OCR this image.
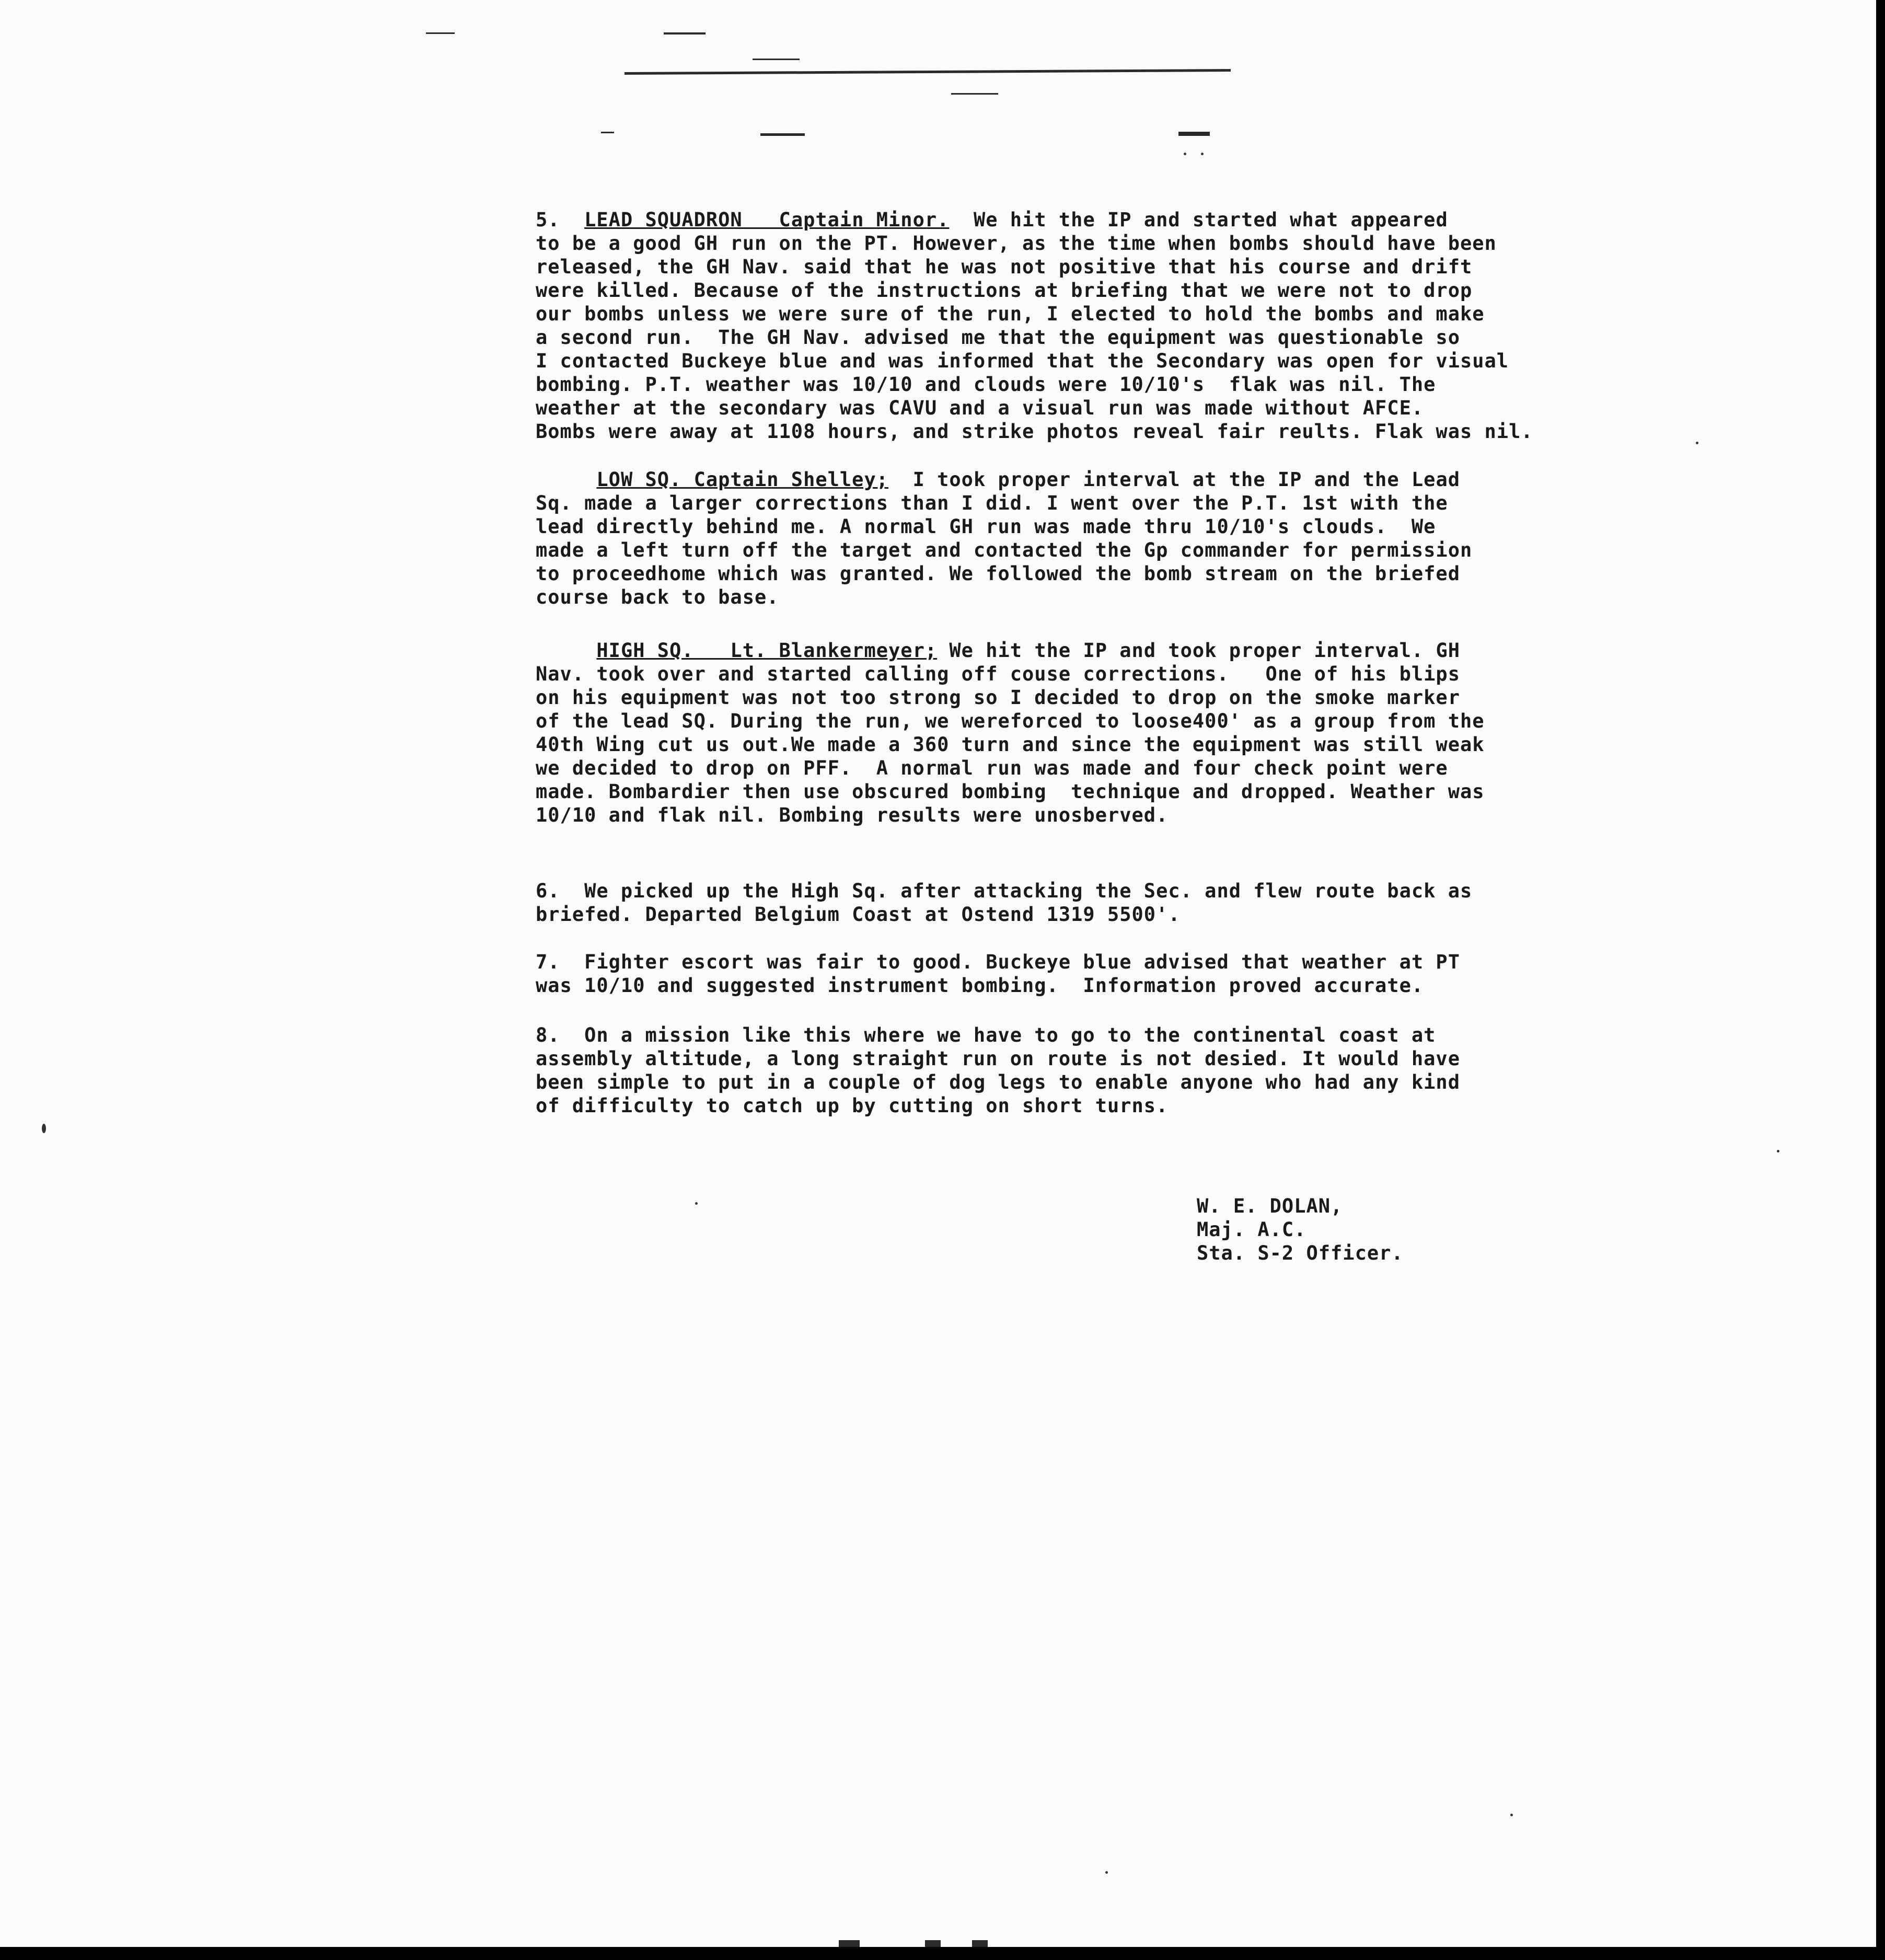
5. LEAD SQUADRON   Captain Minor. We hit the IP and started what appeared
to be a good GH run on the PT. However, as the time when bombs should have been
released, the GH Nav. said that he was not positive that his course and drift
were killed. Because of the instructions at briefing that we were not to drop
our bombs unless we were sure of the run, I elected to hold the bombs and make
a second run.  The GH Nav. advised me that the equipment was questionable so
I contacted Buckeye blue and was informed that the Secondary was open for visual
bombing. P.T. weather was 10/10 and clouds were 10/10's  flak was nil. The
weather at the secondary was CAVU and a visual run was made without AFCE.
Bombs were away at 1108 hours, and strike photos reveal fair reults. Flak was nil.
LOW SQ. Captain Shelley; I took proper interval at the IP and the Lead
Sq. made a larger corrections than I did. I went over the P.T. 1st with the
lead directly behind me. A normal GH run was made thru 10/10's clouds.  We
made a left turn off the target and contacted the Gp commander for permission
to proceedhome which was granted. We followed the bomb stream on the briefed
course back to base.
HIGH SQ.   Lt. Blankermeyer; We hit the IP and took proper interval. GH
Nav. took over and started calling off couse corrections.   One of his blips
on his equipment was not too strong so I decided to drop on the smoke marker
of the lead SQ. During the run, we wereforced to loose400' as a group from the
40th Wing cut us out.We made a 360 turn and since the equipment was still weak
we decided to drop on PFF.  A normal run was made and four check point were
made. Bombardier then use obscured bombing  technique and dropped. Weather was
10/10 and flak nil. Bombing results were unosberved.
6.  We picked up the High Sq. after attacking the Sec. and flew route back as
briefed. Departed Belgium Coast at Ostend 1319 5500'.
7.  Fighter escort was fair to good. Buckeye blue advised that weather at PT
was 10/10 and suggested instrument bombing.  Information proved accurate.
8.  On a mission like this where we have to go to the continental coast at
assembly altitude, a long straight run on route is not desied. It would have
been simple to put in a couple of dog legs to enable anyone who had any kind
of difficulty to catch up by cutting on short turns.
W. E. DOLAN,
Maj. A.C.
Sta. S-2 Officer.
